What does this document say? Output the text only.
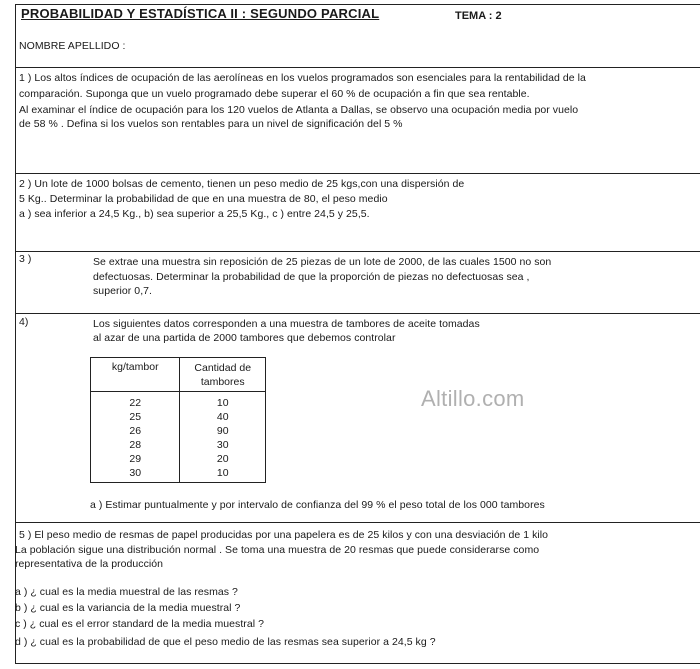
PROBABILIDAD Y ESTADÍSTICA II : SEGUNDO PARCIAL	TEMA : 2
NOMBRE APELLIDO :
1 ) Los altos índices de ocupación de las aerolíneas en los vuelos programados son esenciales para la rentabilidad de la
comparación. Suponga que un vuelo programado debe superar el 60 % de ocupación a fin que sea rentable.
Al examinar el índice de ocupación para los 120 vuelos de Atlanta a Dallas, se observo una ocupación media por vuelo
de 58 % . Defina si los vuelos son rentables para un nivel de significación del 5 %
2 ) Un lote de 1000 bolsas de cemento, tienen un peso medio de 25 kgs,con una dispersión de
5 Kg.. Determinar la probabilidad de que en una muestra de 80, el peso medio
a ) sea inferior a 24,5 Kg., b) sea superior a 25,5 Kg., c ) entre 24,5 y 25,5.
3 )	Se extrae una muestra sin reposición de 25 piezas de un lote de 2000, de las cuales 1500 no son
defectuosas. Determinar la probabilidad de que la proporción de piezas no defectuosas sea ,
superior 0,7.
4)	Los siguientes datos corresponden a una muestra de tambores de aceite tomadas
al azar de una partida de 2000 tambores que debemos controlar
kg/tambor	Cantidad de
tambores
22	10
25	40
26	90
28	30
29	20
30	10
Altillo.com
a ) Estimar puntualmente y por intervalo de confianza del 99 % el peso total de los 000 tambores
5 ) El peso medio de resmas de papel producidas por una papelera es de 25 kilos y con una desviación de 1 kilo
La población sigue una distribución normal . Se toma una muestra de 20 resmas que puede considerarse como
representativa de la producción
a ) ¿ cual es la media muestral de las resmas ?
b ) ¿ cual es la variancia de la media muestral ?
c ) ¿ cual es el error standard de la media muestral ?
d ) ¿ cual es la probabilidad de que el peso medio de las resmas sea superior a 24,5 kg ?
